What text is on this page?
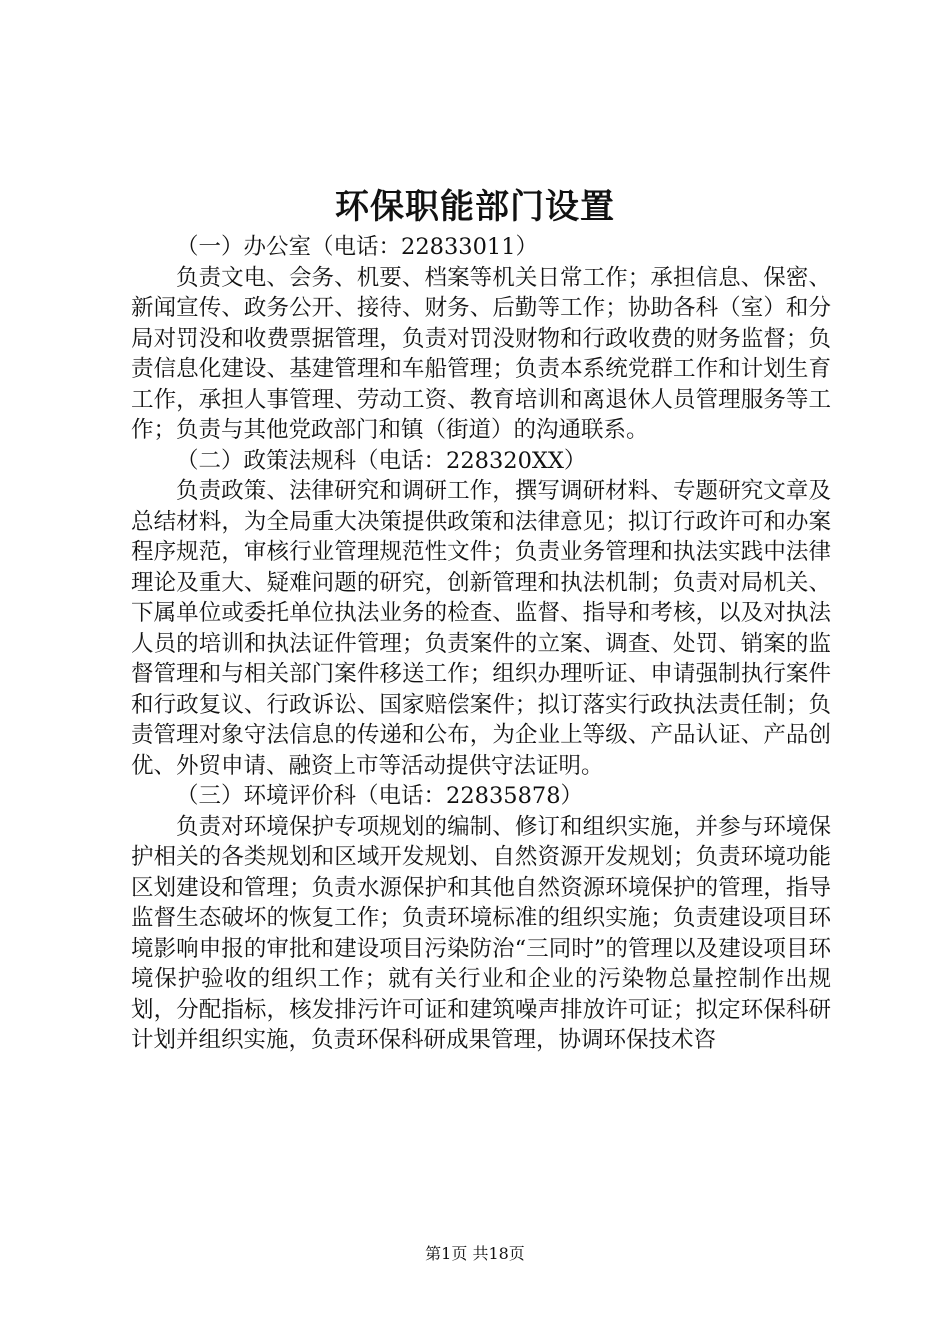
环保职能部门设置

（一）办公室（电话：22833011）

负责文电、会务、机要、档案等机关日常工作；承担信息、保密、新闻宣传、政务公开、接待、财务、后勤等工作；协助各科（室）和分局对罚没和收费票据管理，负责对罚没财物和行政收费的财务监督；负责信息化建设、基建管理和车船管理；负责本系统党群工作和计划生育工作，承担人事管理、劳动工资、教育培训和离退休人员管理服务等工作；负责与其他党政部门和镇（街道）的沟通联系。

（二）政策法规科（电话：228320XX）

负责政策、法律研究和调研工作，撰写调研材料、专题研究文章及总结材料，为全局重大决策提供政策和法律意见；拟订行政许可和办案程序规范，审核行业管理规范性文件；负责业务管理和执法实践中法律理论及重大、疑难问题的研究，创新管理和执法机制；负责对局机关、下属单位或委托单位执法业务的检查、监督、指导和考核，以及对执法人员的培训和执法证件管理；负责案件的立案、调查、处罚、销案的监督管理和与相关部门案件移送工作；组织办理听证、申请强制执行案件和行政复议、行政诉讼、国家赔偿案件；拟订落实行政执法责任制；负责管理对象守法信息的传递和公布，为企业上等级、产品认证、产品创优、外贸申请、融资上市等活动提供守法证明。

（三）环境评价科（电话：22835878）

负责对环境保护专项规划的编制、修订和组织实施，并参与环境保护相关的各类规划和区域开发规划、自然资源开发规划；负责环境功能区划建设和管理；负责水源保护和其他自然资源环境保护的管理，指导监督生态破坏的恢复工作；负责环境标准的组织实施；负责建设项目环境影响申报的审批和建设项目污染防治“三同时”的管理以及建设项目环境保护验收的组织工作；就有关行业和企业的污染物总量控制作出规划，分配指标，核发排污许可证和建筑噪声排放许可证；拟定环保科研计划并组织实施，负责环保科研成果管理，协调环保技术咨

第1页 共18页
